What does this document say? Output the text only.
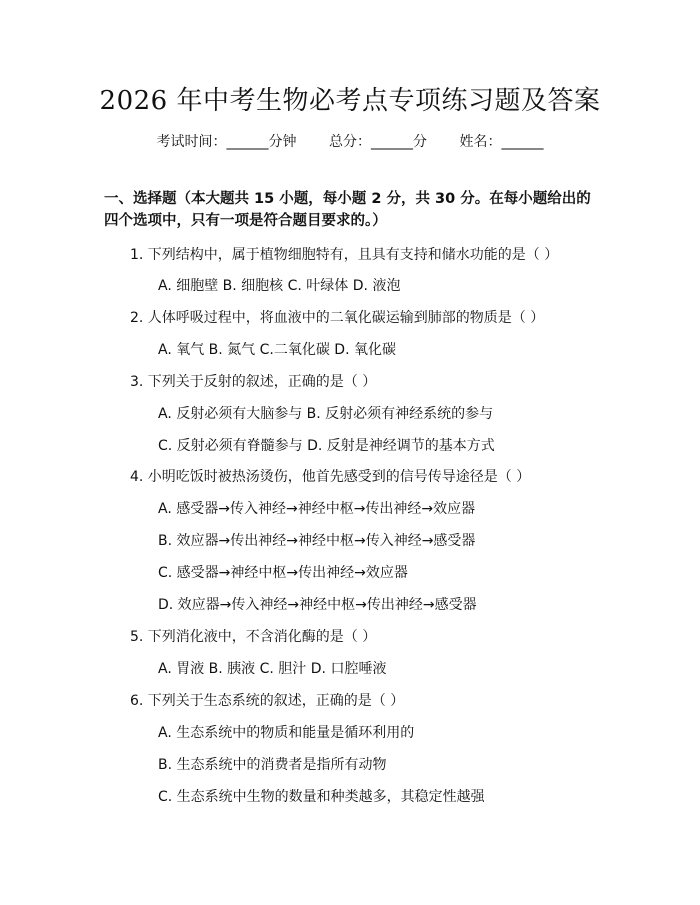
2026 年中考生物必考点专项练习题及答案
考试时间：______分钟 总分：______分 姓名：______
一、选择题（本大题共 15 小题，每小题 2 分，共 30 分。在每小题给出的四个选项中，只有一项是符合题目要求的。）
1. 下列结构中，属于植物细胞特有，且具有支持和储水功能的是（ ）
A. 细胞壁 B. 细胞核 C. 叶绿体 D. 液泡
2. 人体呼吸过程中，将血液中的二氧化碳运输到肺部的物质是（ ）
A. 氧气 B. 氮气 C.二氧化碳 D. 氧化碳
3. 下列关于反射的叙述，正确的是（ ）
A. 反射必须有大脑参与 B. 反射必须有神经系统的参与
C. 反射必须有脊髓参与 D. 反射是神经调节的基本方式
4. 小明吃饭时被热汤烫伤，他首先感受到的信号传导途径是（ ）
A. 感受器→传入神经→神经中枢→传出神经→效应器
B. 效应器→传出神经→神经中枢→传入神经→感受器
C. 感受器→神经中枢→传出神经→效应器
D. 效应器→传入神经→神经中枢→传出神经→感受器
5. 下列消化液中，不含消化酶的是（ ）
A. 胃液 B. 胰液 C. 胆汁 D. 口腔唾液
6. 下列关于生态系统的叙述，正确的是（ ）
A. 生态系统中的物质和能量是循环利用的
B. 生态系统中的消费者是指所有动物
C. 生态系统中生物的数量和种类越多，其稳定性越强
